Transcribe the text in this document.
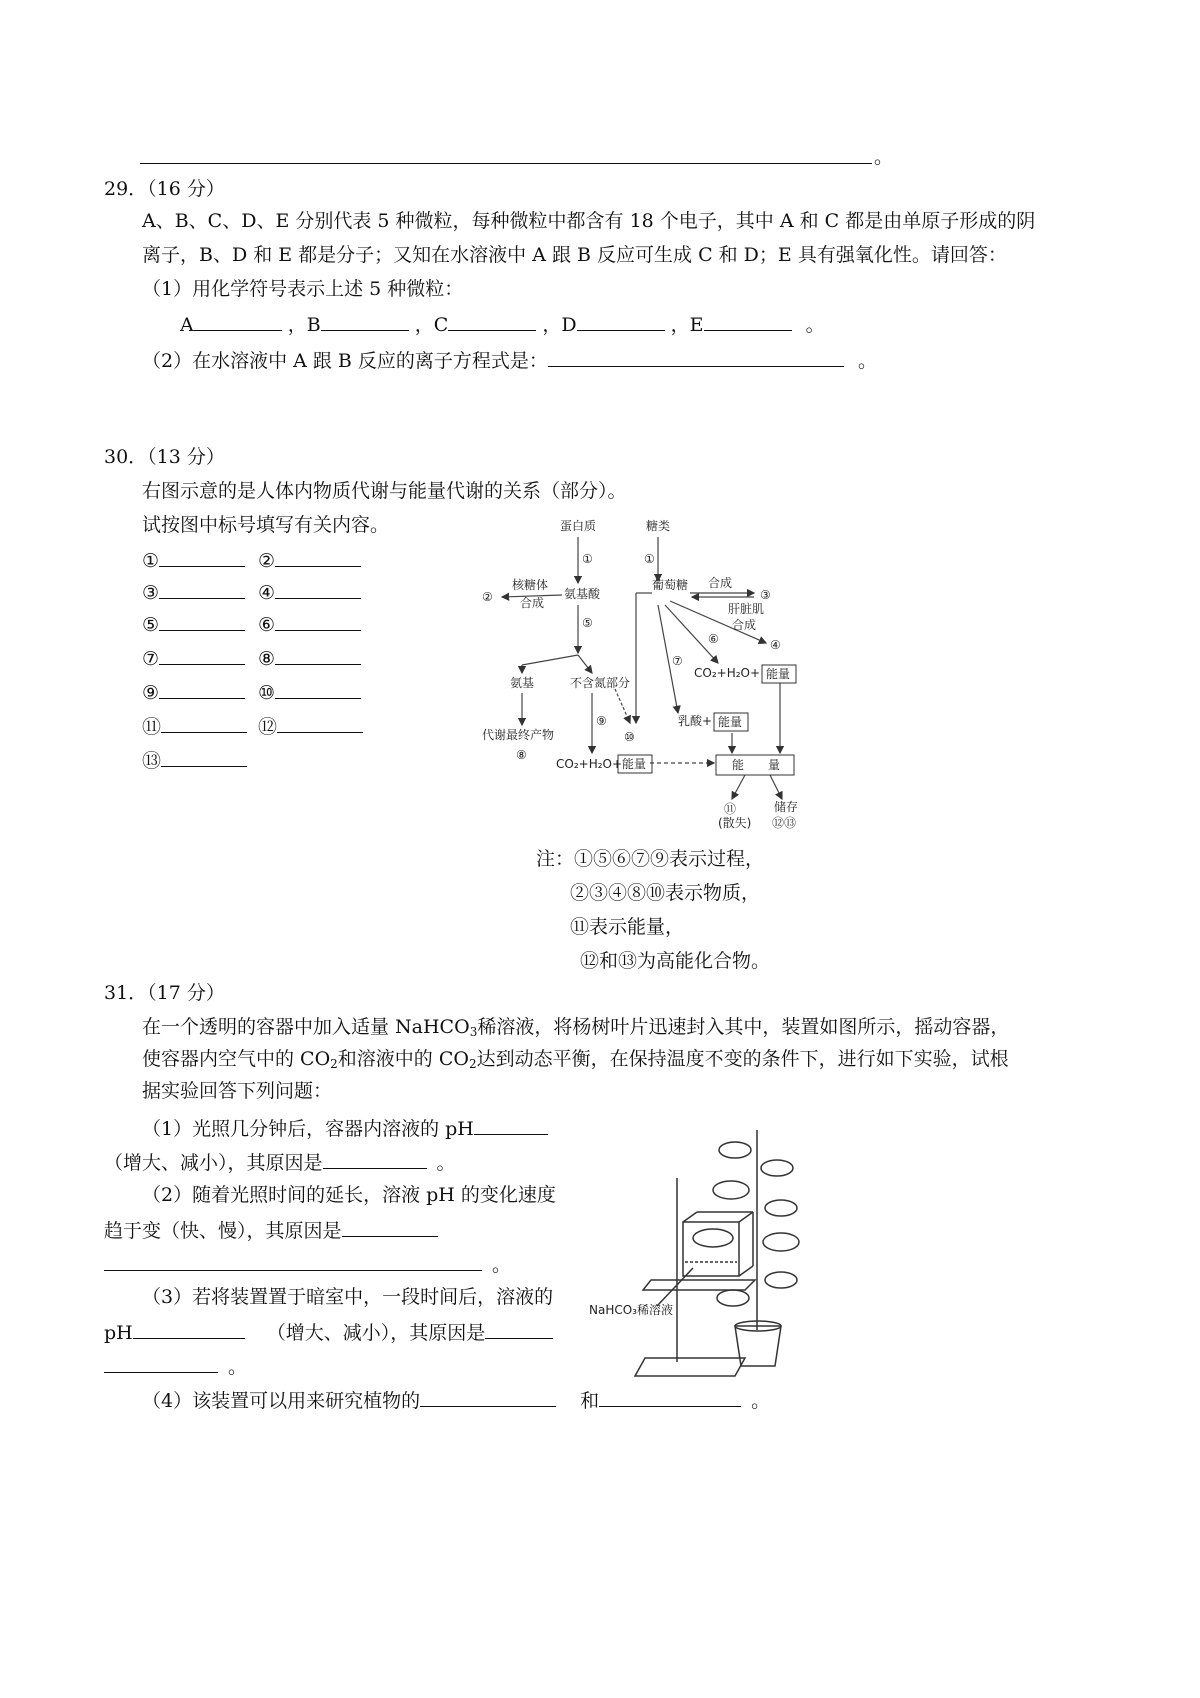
。
29．（16 分）
A、B、C、D、E 分别代表 5 种微粒，每种微粒中都含有 18 个电子，其中 A 和 C 都是由单原子形成的阴
离子，B、D 和 E 都是分子；又知在水溶液中 A 跟 B 反应可生成 C 和 D；E 具有强氧化性。请回答：
（1）用化学符号表示上述 5 种微粒：
A	，B	，C	，D	，E	。
（2）在水溶液中 A 跟 B 反应的离子方程式是：	。
30．（13 分）
右图示意的是人体内物质代谢与能量代谢的关系（部分）。
试按图中标号填写有关内容。
①	②
③	④
⑤	⑥
⑦	⑧
⑨	⑩
⑪	⑫
⑬
蛋白质	糖类
①	①
氨基酸
葡萄糖
②
核糖体
合成
合成
③
肝脏肌
合成
④
⑤
⑥
⑦
氨基	不含氮部分
CO₂+H₂O+ 能量
⑨
⑩
代谢最终产物
⑧
乳酸+ 能量
CO₂+H₂O+ 能量	能　　量
⑪
(散失)
储存
⑫⑬
注：①⑤⑥⑦⑨表示过程，
②③④⑧⑩表示物质，
⑪表示能量，
⑫和⑬为高能化合物。
31．（17 分）
在一个透明的容器中加入适量 NaHCO$_3$稀溶液，将杨树叶片迅速封入其中，装置如图所示，摇动容器，
使容器内空气中的 $CO_2$和溶液中的 $CO_2$达到动态平衡，在保持温度不变的条件下，进行如下实验，试根
据实验回答下列问题：
（1）光照几分钟后，容器内溶液的 pH
（增大、减小），其原因是	。
（2）随着光照时间的延长，溶液 pH 的变化速度
趋于变（快、慢），其原因是
。
（3）若将装置置于暗室中，一段时间后，溶液的
pH	（增大、减小），其原因是
。
（4）该装置可以用来研究植物的	和	。
NaHCO₃稀溶液
